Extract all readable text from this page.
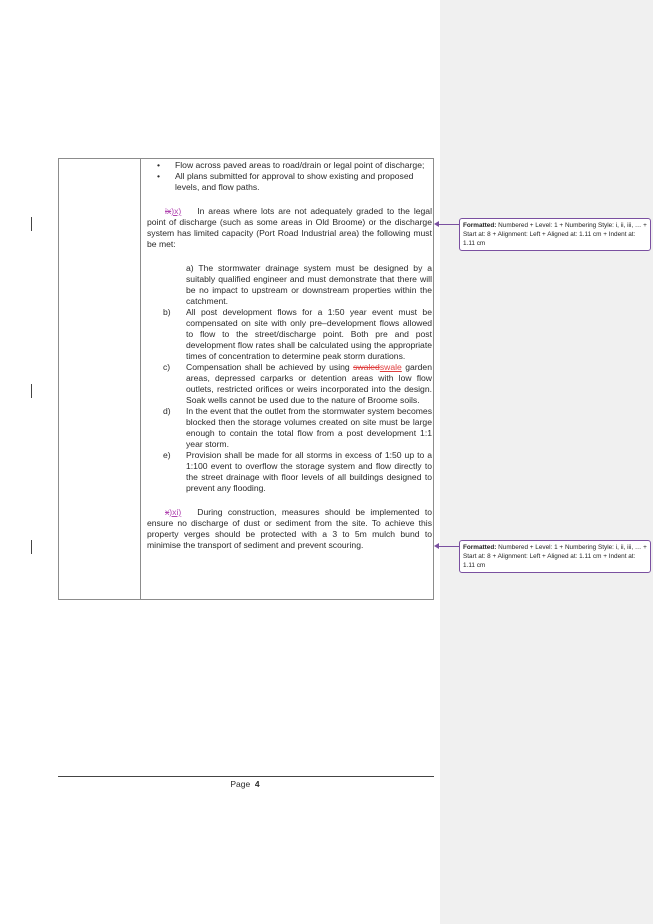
• Flow across paved areas to road/drain or legal point of discharge;

• All plans submitted for approval to show existing and proposed levels, and flow paths.

ix)x) In areas where lots are not adequately graded to the legal point of discharge (such as some areas in Old Broome) or the discharge system has limited capacity (Port Road Industrial area) the following must be met:

a) The stormwater drainage system must be designed by a suitably qualified engineer and must demonstrate that there will be no impact to upstream or downstream properties within the catchment.

b) All post development flows for a 1:50 year event must be compensated on site with only pre–development flows allowed to flow to the street/discharge point. Both pre and post development flow rates shall be calculated using the appropriate times of concentration to determine peak storm durations.

c) Compensation shall be achieved by using swaledswale garden areas, depressed carparks or detention areas with low flow outlets, restricted orifices or weirs incorporated into the design. Soak wells cannot be used due to the nature of Broome soils.

d) In the event that the outlet from the stormwater system becomes blocked then the storage volumes created on site must be large enough to contain the total flow from a post development 1:1 year storm.

e) Provision shall be made for all storms in excess of 1:50 up to a 1:100 event to overflow the storage system and flow directly to the street drainage with floor levels of all buildings designed to prevent any flooding.

x)xi) During construction, measures should be implemented to ensure no discharge of dust or sediment from the site. To achieve this property verges should be protected with a 3 to 5m mulch bund to minimise the transport of sediment and prevent scouring.

Page 4
Formatted: Numbered + Level: 1 + Numbering Style: i, ii, iii, … + Start at: 8 + Alignment: Left + Aligned at: 1.11 cm + Indent at: 1.11 cm
Formatted: Numbered + Level: 1 + Numbering Style: i, ii, iii, … + Start at: 8 + Alignment: Left + Aligned at: 1.11 cm + Indent at: 1.11 cm
